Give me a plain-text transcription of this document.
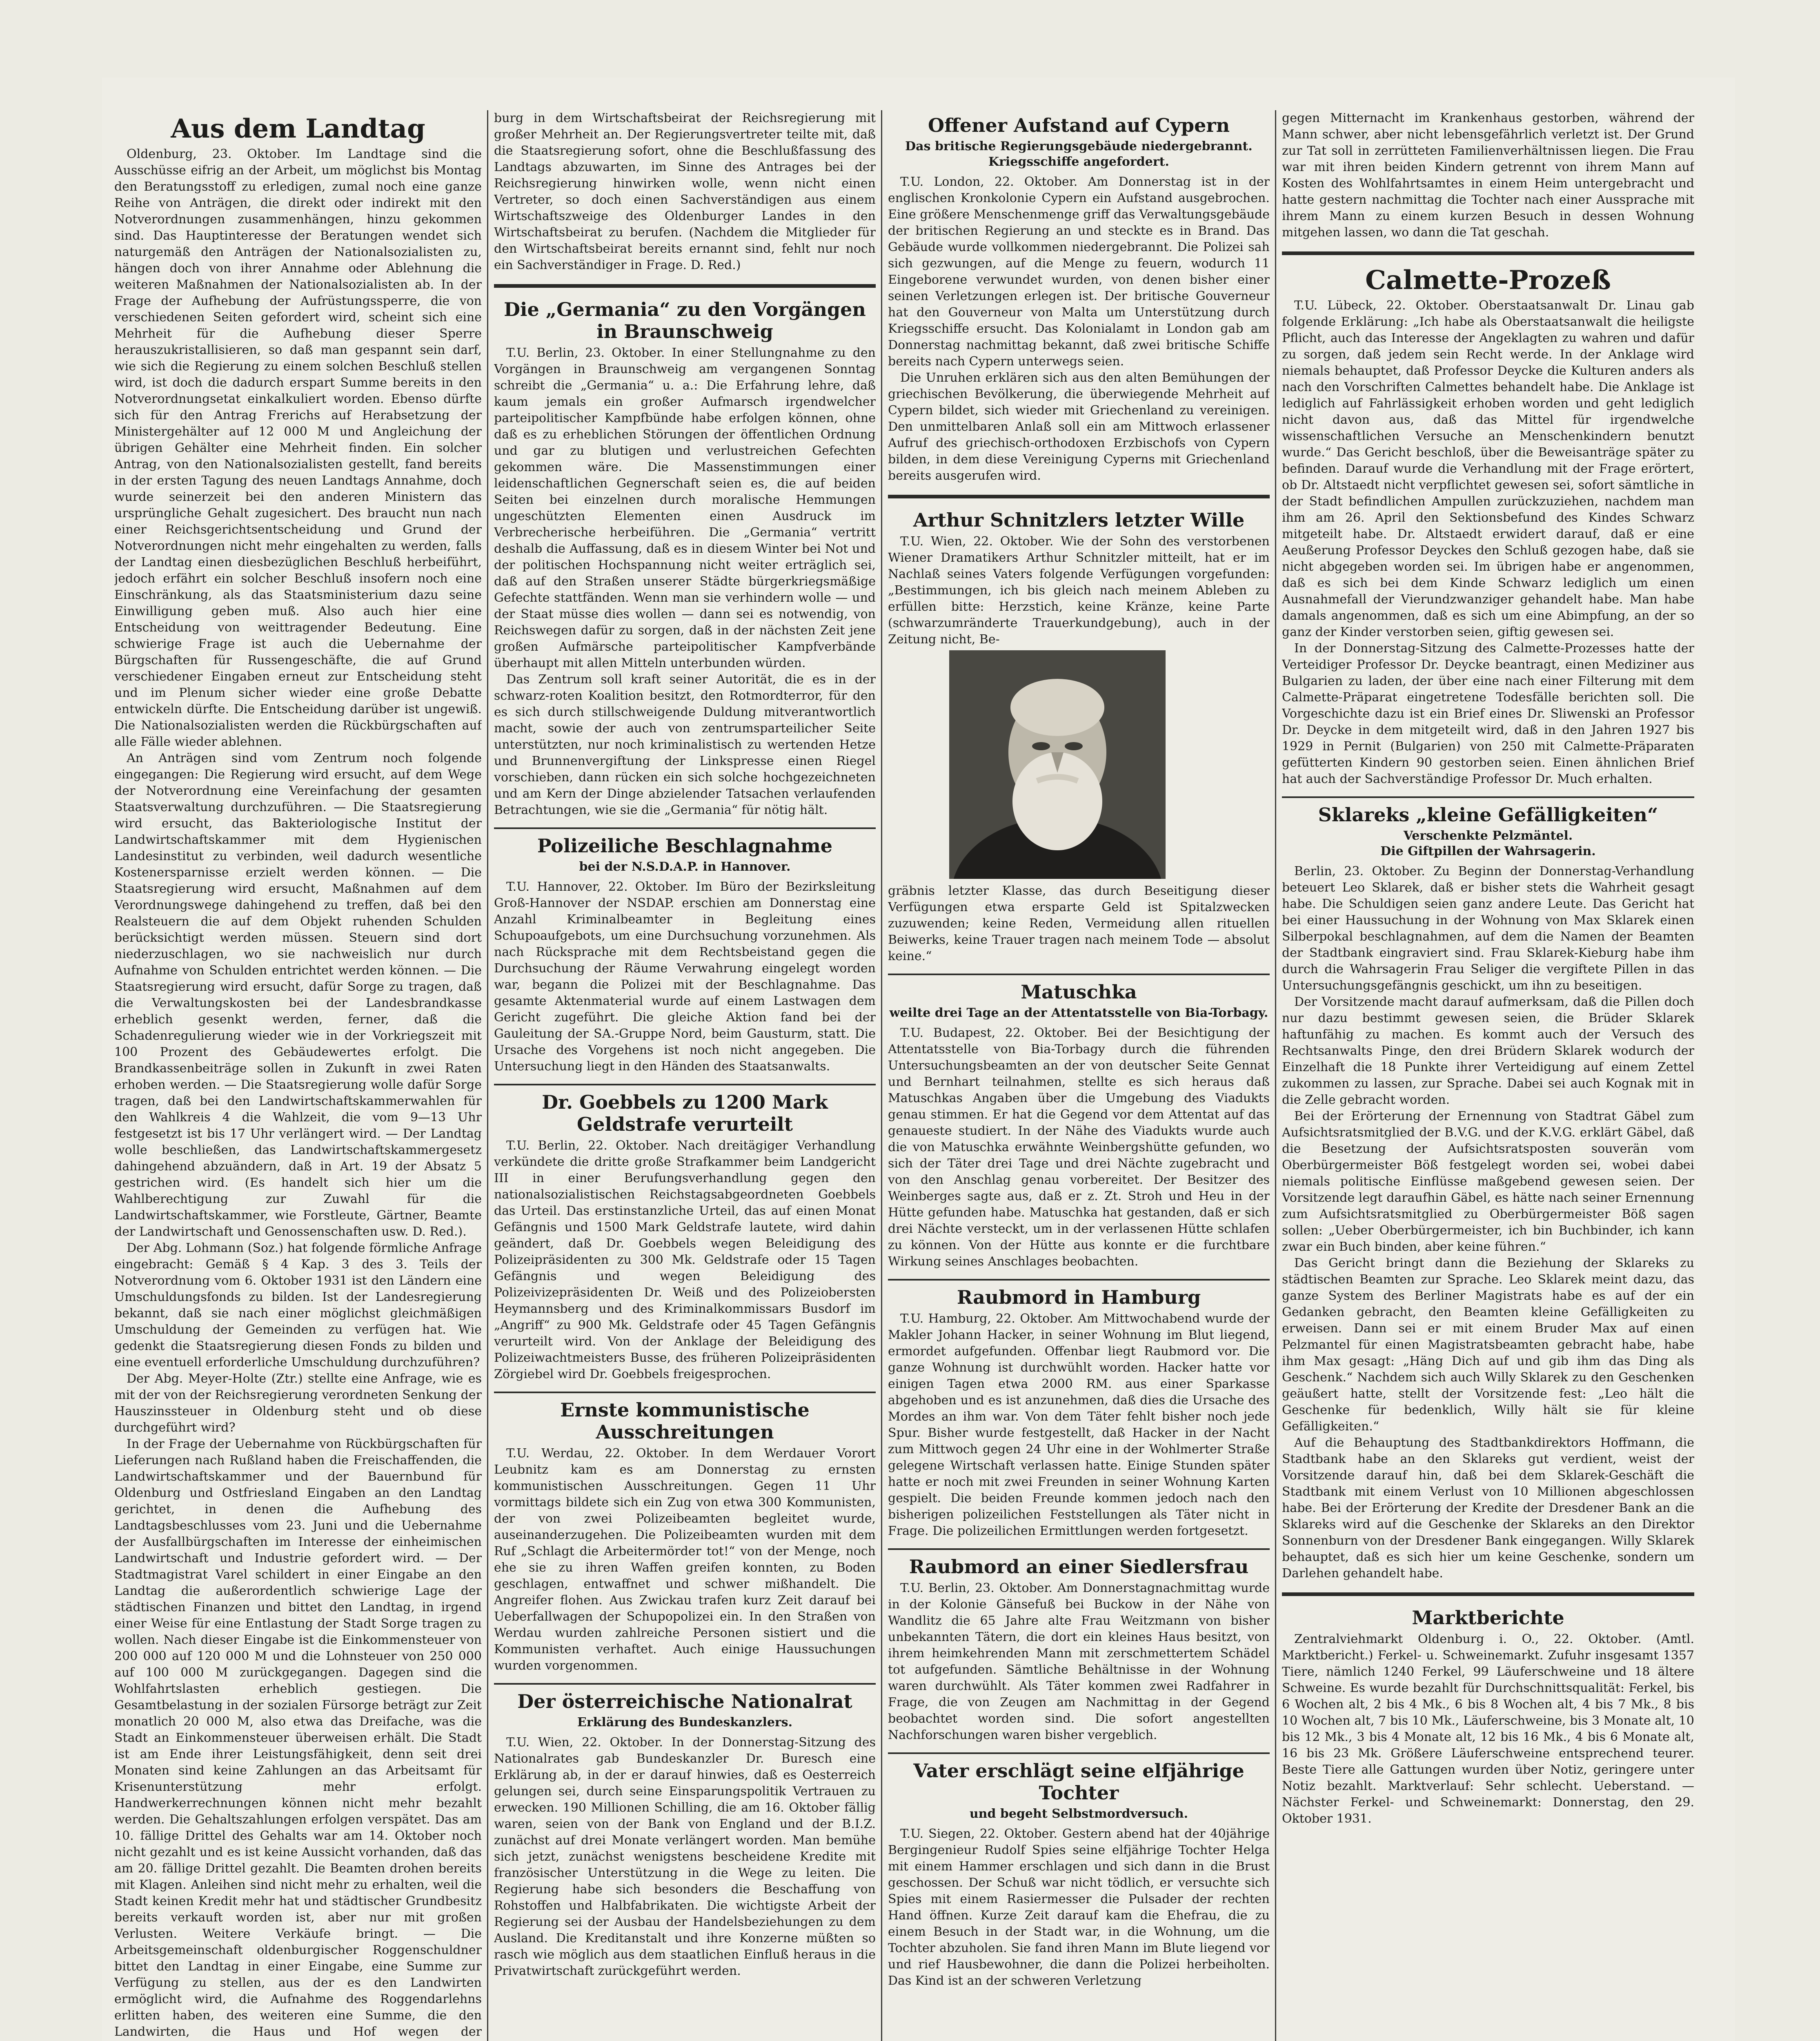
Aus dem Landtag

Oldenburg, 23. Oktober. Im Landtage sind die Ausschüsse eifrig an der Arbeit, um möglichst bis Montag den Beratungsstoff zu erledigen, zumal noch eine ganze Reihe von Anträgen, die direkt oder indirekt mit den Notverordnungen zusammenhängen, hinzu gekommen sind. Das Hauptinteresse der Beratungen wendet sich naturgemäß den Anträgen der Nationalsozialisten zu, hängen doch von ihrer Annahme oder Ablehnung die weiteren Maßnahmen der Nationalsozialisten ab. In der Frage der Aufhebung der Aufrüstungssperre, die von verschiedenen Seiten gefordert wird, scheint sich eine Mehrheit für die Aufhebung dieser Sperre herauszukristallisieren, so daß man gespannt sein darf, wie sich die Regierung zu einem solchen Beschluß stellen wird, ist doch die dadurch erspart Summe bereits in den Notverordnungsetat einkalkuliert worden. Ebenso dürfte sich für den Antrag Frerichs auf Herabsetzung der Ministergehälter auf 12 000 M und Angleichung der übrigen Gehälter eine Mehrheit finden. Ein solcher Antrag, von den Nationalsozialisten gestellt, fand bereits in der ersten Tagung des neuen Landtags Annahme, doch wurde seinerzeit bei den anderen Ministern das ursprüngliche Gehalt zugesichert. Des braucht nun nach einer Reichsgerichtsentscheidung und Grund der Notverordnungen nicht mehr eingehalten zu werden, falls der Landtag einen diesbezüglichen Beschluß herbeiführt, jedoch erfährt ein solcher Beschluß insofern noch eine Einschränkung, als das Staatsministerium dazu seine Einwilligung geben muß. Also auch hier eine Entscheidung von weittragender Bedeutung. Eine schwierige Frage ist auch die Uebernahme der Bürgschaften für Russengeschäfte, die auf Grund verschiedener Eingaben erneut zur Entscheidung steht und im Plenum sicher wieder eine große Debatte entwickeln dürfte. Die Entscheidung darüber ist ungewiß. Die Nationalsozialisten werden die Rückbürgschaften auf alle Fälle wieder ablehnen.

An Anträgen sind vom Zentrum noch folgende eingegangen: Die Regierung wird ersucht, auf dem Wege der Notverordnung eine Vereinfachung der gesamten Staatsverwaltung durchzuführen. — Die Staatsregierung wird ersucht, das Bakteriologische Institut der Landwirtschaftskammer mit dem Hygienischen Landesinstitut zu verbinden, weil dadurch wesentliche Kostenersparnisse erzielt werden können. — Die Staatsregierung wird ersucht, Maßnahmen auf dem Verordnungswege dahingehend zu treffen, daß bei den Realsteuern die auf dem Objekt ruhenden Schulden berücksichtigt werden müssen. Steuern sind dort niederzuschlagen, wo sie nachweislich nur durch Aufnahme von Schulden entrichtet werden können. — Die Staatsregierung wird ersucht, dafür Sorge zu tragen, daß die Verwaltungskosten bei der Landesbrandkasse erheblich gesenkt werden, ferner, daß die Schadenregulierung wieder wie in der Vorkriegszeit mit 100 Prozent des Gebäudewertes erfolgt. Die Brandkassenbeiträge sollen in Zukunft in zwei Raten erhoben werden. — Die Staatsregierung wolle dafür Sorge tragen, daß bei den Landwirtschaftskammerwahlen für den Wahlkreis 4 die Wahlzeit, die vom 9—13 Uhr festgesetzt ist bis 17 Uhr verlängert wird. — Der Landtag wolle beschließen, das Landwirtschaftskammergesetz dahingehend abzuändern, daß in Art. 19 der Absatz 5 gestrichen wird. (Es handelt sich hier um die Wahlberechtigung zur Zuwahl für die Landwirtschaftskammer, wie Forstleute, Gärtner, Beamte der Landwirtschaft und Genossenschaften usw. D. Red.).

Der Abg. Lohmann (Soz.) hat folgende förmliche Anfrage eingebracht: Gemäß § 4 Kap. 3 des 3. Teils der Notverordnung vom 6. Oktober 1931 ist den Ländern eine Umschuldungsfonds zu bilden. Ist der Landesregierung bekannt, daß sie nach einer möglichst gleichmäßigen Umschuldung der Gemeinden zu verfügen hat. Wie gedenkt die Staatsregierung diesen Fonds zu bilden und eine eventuell erforderliche Umschuldung durchzuführen?

Der Abg. Meyer-Holte (Ztr.) stellte eine Anfrage, wie es mit der von der Reichsregierung verordneten Senkung der Hauszinssteuer in Oldenburg steht und ob diese durchgeführt wird?

In der Frage der Uebernahme von Rückbürgschaften für Lieferungen nach Rußland haben die Freischaffenden, die Landwirtschaftskammer und der Bauernbund für Oldenburg und Ostfriesland Eingaben an den Landtag gerichtet, in denen die Aufhebung des Landtagsbeschlusses vom 23. Juni und die Uebernahme der Ausfallbürgschaften im Interesse der einheimischen Landwirtschaft und Industrie gefordert wird. — Der Stadtmagistrat Varel schildert in einer Eingabe an den Landtag die außerordentlich schwierige Lage der städtischen Finanzen und bittet den Landtag, in irgend einer Weise für eine Entlastung der Stadt Sorge tragen zu wollen. Nach dieser Eingabe ist die Einkommensteuer von 200 000 auf 120 000 M und die Lohnsteuer von 250 000 auf 100 000 M zurückgegangen. Dagegen sind die Wohlfahrtslasten erheblich gestiegen. Die Gesamtbelastung in der sozialen Fürsorge beträgt zur Zeit monatlich 20 000 M, also etwa das Dreifache, was die Stadt an Einkommensteuer überweisen erhält. Die Stadt ist am Ende ihrer Leistungsfähigkeit, denn seit drei Monaten sind keine Zahlungen an das Arbeitsamt für Krisenunterstützung mehr erfolgt. Handwerkerrechnungen können nicht mehr bezahlt werden. Die Gehaltszahlungen erfolgen verspätet. Das am 10. fällige Drittel des Gehalts war am 14. Oktober noch nicht gezahlt und es ist keine Aussicht vorhanden, daß das am 20. fällige Drittel gezahlt. Die Beamten drohen bereits mit Klagen. Anleihen sind nicht mehr zu erhalten, weil die Stadt keinen Kredit mehr hat und städtischer Grundbesitz bereits verkauft worden ist, aber nur mit großen Verlusten. Weitere Verkäufe bringt. — Die Arbeitsgemeinschaft oldenburgischer Roggenschuldner bittet den Landtag in einer Eingabe, eine Summe zur Verfügung zu stellen, aus der es den Landwirten ermöglicht wird, die Aufnahme des Roggendarlehns erlitten haben, des weiteren eine Summe, die den Landwirten, die Haus und Hof wegen der

burg in dem Wirtschaftsbeirat der Reichsregierung mit großer Mehrheit an. Der Regierungsvertreter teilte mit, daß die Staatsregierung sofort, ohne die Beschlußfassung des Landtags abzuwarten, im Sinne des Antrages bei der Reichsregierung hinwirken wolle, wenn nicht einen Vertreter, so doch einen Sachverständigen aus einem Wirtschaftszweige des Oldenburger Landes in den Wirtschaftsbeirat zu berufen. (Nachdem die Mitglieder für den Wirtschaftsbeirat bereits ernannt sind, fehlt nur noch ein Sachverständiger in Frage. D. Red.)

Die „Germania“ zu den Vorgängen in Braunschweig

T.U. Berlin, 23. Oktober. In einer Stellungnahme zu den Vorgängen in Braunschweig am vergangenen Sonntag schreibt die „Germania“ u. a.: Die Erfahrung lehre, daß kaum jemals ein großer Aufmarsch irgendwelcher parteipolitischer Kampfbünde habe erfolgen können, ohne daß es zu erheblichen Störungen der öffentlichen Ordnung und gar zu blutigen und verlustreichen Gefechten gekommen wäre. Die Massenstimmungen einer leidenschaftlichen Gegnerschaft seien es, die auf beiden Seiten bei einzelnen durch moralische Hemmungen ungeschützten Elementen einen Ausdruck im Verbrecherische herbeiführen. Die „Germania“ vertritt deshalb die Auffassung, daß es in diesem Winter bei Not und der politischen Hochspannung nicht weiter erträglich sei, daß auf den Straßen unserer Städte bürgerkriegsmäßige Gefechte stattfänden. Wenn man sie verhindern wolle — und der Staat müsse dies wollen — dann sei es notwendig, von Reichswegen dafür zu sorgen, daß in der nächsten Zeit jene großen Aufmärsche parteipolitischer Kampfverbände überhaupt mit allen Mitteln unterbunden würden.

Das Zentrum soll kraft seiner Autorität, die es in der schwarz-roten Koalition besitzt, den Rotmordterror, für den es sich durch stillschweigende Duldung mitverantwortlich macht, sowie der auch von zentrumsparteilicher Seite unterstützten, nur noch kriminalistisch zu wertenden Hetze und Brunnenvergiftung der Linkspresse einen Riegel vorschieben, dann rücken ein sich solche hochgezeichneten und am Kern der Dinge abzielender Tatsachen verlaufenden Betrachtungen, wie sie die „Germania“ für nötig hält.

Polizeiliche Beschlagnahme
bei der N.S.D.A.P. in Hannover.

T.U. Hannover, 22. Oktober. Im Büro der Bezirksleitung Groß-Hannover der NSDAP. erschien am Donnerstag eine Anzahl Kriminalbeamter in Begleitung eines Schupoaufgebots, um eine Durchsuchung vorzunehmen. Als nach Rücksprache mit dem Rechtsbeistand gegen die Durchsuchung der Räume Verwahrung eingelegt worden war, begann die Polizei mit der Beschlagnahme. Das gesamte Aktenmaterial wurde auf einem Lastwagen dem Gericht zugeführt. Die gleiche Aktion fand bei der Gauleitung der SA.-Gruppe Nord, beim Gausturm, statt. Die Ursache des Vorgehens ist noch nicht angegeben. Die Untersuchung liegt in den Händen des Staatsanwalts.

Dr. Goebbels zu 1200 Mark Geldstrafe verurteilt

T.U. Berlin, 22. Oktober. Nach dreitägiger Verhandlung verkündete die dritte große Strafkammer beim Landgericht III in einer Berufungsverhandlung gegen den nationalsozialistischen Reichstagsabgeordneten Goebbels das Urteil. Das erstinstanzliche Urteil, das auf einen Monat Gefängnis und 1500 Mark Geldstrafe lautete, wird dahin geändert, daß Dr. Goebbels wegen Beleidigung des Polizeipräsidenten zu 300 Mk. Geldstrafe oder 15 Tagen Gefängnis und wegen Beleidigung des Polizeivizepräsidenten Dr. Weiß und des Polizeiobersten Heymannsberg und des Kriminalkommissars Busdorf im „Angriff“ zu 900 Mk. Geldstrafe oder 45 Tagen Gefängnis verurteilt wird. Von der Anklage der Beleidigung des Polizeiwachtmeisters Busse, des früheren Polizeipräsidenten Zörgiebel wird Dr. Goebbels freigesprochen.

Ernste kommunistische Ausschreitungen

T.U. Werdau, 22. Oktober. In dem Werdauer Vorort Leubnitz kam es am Donnerstag zu ernsten kommunistischen Ausschreitungen. Gegen 11 Uhr vormittags bildete sich ein Zug von etwa 300 Kommunisten, der von zwei Polizeibeamten begleitet wurde, auseinanderzugehen. Die Polizeibeamten wurden mit dem Ruf „Schlagt die Arbeitermörder tot!“ von der Menge, noch ehe sie zu ihren Waffen greifen konnten, zu Boden geschlagen, entwaffnet und schwer mißhandelt. Die Angreifer flohen. Aus Zwickau trafen kurz Zeit darauf bei Ueberfallwagen der Schupopolizei ein. In den Straßen von Werdau wurden zahlreiche Personen sistiert und die Kommunisten verhaftet. Auch einige Haussuchungen wurden vorgenommen.

Der österreichische Nationalrat
Erklärung des Bundeskanzlers.

T.U. Wien, 22. Oktober. In der Donnerstag-Sitzung des Nationalrates gab Bundeskanzler Dr. Buresch eine Erklärung ab, in der er darauf hinwies, daß es Oesterreich gelungen sei, durch seine Einsparungspolitik Vertrauen zu erwecken. 190 Millionen Schilling, die am 16. Oktober fällig waren, seien von der Bank von England und der B.I.Z. zunächst auf drei Monate verlängert worden. Man bemühe sich jetzt, zunächst wenigstens bescheidene Kredite mit französischer Unterstützung in die Wege zu leiten. Die Regierung habe sich besonders die Beschaffung von Rohstoffen und Halbfabrikaten. Die wichtigste Arbeit der Regierung sei der Ausbau der Handelsbeziehungen zu dem Ausland. Die Kreditanstalt und ihre Konzerne müßten so rasch wie möglich aus dem staatlichen Einfluß heraus in die Privatwirtschaft zurückgeführt werden.

Offener Aufstand auf Cypern
Das britische Regierungsgebäude niedergebrannt.
Kriegsschiffe angefordert.

T.U. London, 22. Oktober. Am Donnerstag ist in der englischen Kronkolonie Cypern ein Aufstand ausgebrochen. Eine größere Menschenmenge griff das Verwaltungsgebäude der britischen Regierung an und steckte es in Brand. Das Gebäude wurde vollkommen niedergebrannt. Die Polizei sah sich gezwungen, auf die Menge zu feuern, wodurch 11 Eingeborene verwundet wurden, von denen bisher einer seinen Verletzungen erlegen ist. Der britische Gouverneur hat den Gouverneur von Malta um Unterstützung durch Kriegsschiffe ersucht. Das Kolonialamt in London gab am Donnerstag nachmittag bekannt, daß zwei britische Schiffe bereits nach Cypern unterwegs seien.

Die Unruhen erklären sich aus den alten Bemühungen der griechischen Bevölkerung, die überwiegende Mehrheit auf Cypern bildet, sich wieder mit Griechenland zu vereinigen. Den unmittelbaren Anlaß soll ein am Mittwoch erlassener Aufruf des griechisch-orthodoxen Erzbischofs von Cypern bilden, in dem diese Vereinigung Cyperns mit Griechenland bereits ausgerufen wird.

Arthur Schnitzlers letzter Wille

T.U. Wien, 22. Oktober. Wie der Sohn des verstorbenen Wiener Dramatikers Arthur Schnitzler mitteilt, hat er im Nachlaß seines Vaters folgende Verfügungen vorgefunden: „Bestimmungen, ich bis gleich nach meinem Ableben zu erfüllen bitte: Herzstich, keine Kränze, keine Parte (schwarzumränderte Trauerkundgebung), auch in der Zeitung nicht, Be-

gräbnis letzter Klasse, das durch Beseitigung dieser Verfügungen etwa ersparte Geld ist Spitalzwecken zuzuwenden; keine Reden, Vermeidung allen rituellen Beiwerks, keine Trauer tragen nach meinem Tode — absolut keine.“

Matuschka
weilte drei Tage an der Attentatsstelle von Bia-Torbagy.

T.U. Budapest, 22. Oktober. Bei der Besichtigung der Attentatsstelle von Bia-Torbagy durch die führenden Untersuchungsbeamten an der von deutscher Seite Gennat und Bernhart teilnahmen, stellte es sich heraus daß Matuschkas Angaben über die Umgebung des Viadukts genau stimmen. Er hat die Gegend vor dem Attentat auf das genaueste studiert. In der Nähe des Viadukts wurde auch die von Matuschka erwähnte Weinbergshütte gefunden, wo sich der Täter drei Tage und drei Nächte zugebracht und von den Anschlag genau vorbereitet. Der Besitzer des Weinberges sagte aus, daß er z. Zt. Stroh und Heu in der Hütte gefunden habe. Matuschka hat gestanden, daß er sich drei Nächte versteckt, um in der verlassenen Hütte schlafen zu können. Von der Hütte aus konnte er die furchtbare Wirkung seines Anschlages beobachten.

Raubmord in Hamburg

T.U. Hamburg, 22. Oktober. Am Mittwochabend wurde der Makler Johann Hacker, in seiner Wohnung im Blut liegend, ermordet aufgefunden. Offenbar liegt Raubmord vor. Die ganze Wohnung ist durchwühlt worden. Hacker hatte vor einigen Tagen etwa 2000 RM. aus einer Sparkasse abgehoben und es ist anzunehmen, daß dies die Ursache des Mordes an ihm war. Von dem Täter fehlt bisher noch jede Spur. Bisher wurde festgestellt, daß Hacker in der Nacht zum Mittwoch gegen 24 Uhr eine in der Wohlmerter Straße gelegene Wirtschaft verlassen hatte. Einige Stunden später hatte er noch mit zwei Freunden in seiner Wohnung Karten gespielt. Die beiden Freunde kommen jedoch nach den bisherigen polizeilichen Feststellungen als Täter nicht in Frage. Die polizeilichen Ermittlungen werden fortgesetzt.

Raubmord an einer Siedlersfrau

T.U. Berlin, 23. Oktober. Am Donnerstagnachmittag wurde in der Kolonie Gänsefuß bei Buckow in der Nähe von Wandlitz die 65 Jahre alte Frau Weitzmann von bisher unbekannten Tätern, die dort ein kleines Haus besitzt, von ihrem heimkehrenden Mann mit zerschmettertem Schädel tot aufgefunden. Sämtliche Behältnisse in der Wohnung waren durchwühlt. Als Täter kommen zwei Radfahrer in Frage, die von Zeugen am Nachmittag in der Gegend beobachtet worden sind. Die sofort angestellten Nachforschungen waren bisher vergeblich.

Vater erschlägt seine elfjährige Tochter
und begeht Selbstmordversuch.

T.U. Siegen, 22. Oktober. Gestern abend hat der 40jährige Bergingenieur Rudolf Spies seine elfjährige Tochter Helga mit einem Hammer erschlagen und sich dann in die Brust geschossen. Der Schuß war nicht tödlich, er versuchte sich Spies mit einem Rasiermesser die Pulsader der rechten Hand öffnen. Kurze Zeit darauf kam die Ehefrau, die zu einem Besuch in der Stadt war, in die Wohnung, um die Tochter abzuholen. Sie fand ihren Mann im Blute liegend vor und rief Hausbewohner, die dann die Polizei herbeiholten. Das Kind ist an der schweren Verletzung

gegen Mitternacht im Krankenhaus gestorben, während der Mann schwer, aber nicht lebensgefährlich verletzt ist. Der Grund zur Tat soll in zerrütteten Familienverhältnissen liegen. Die Frau war mit ihren beiden Kindern getrennt von ihrem Mann auf Kosten des Wohlfahrtsamtes in einem Heim untergebracht und hatte gestern nachmittag die Tochter nach einer Aussprache mit ihrem Mann zu einem kurzen Besuch in dessen Wohnung mitgehen lassen, wo dann die Tat geschah.

Calmette-Prozeß

T.U. Lübeck, 22. Oktober. Oberstaatsanwalt Dr. Linau gab folgende Erklärung: „Ich habe als Oberstaatsanwalt die heiligste Pflicht, auch das Interesse der Angeklagten zu wahren und dafür zu sorgen, daß jedem sein Recht werde. In der Anklage wird niemals behauptet, daß Professor Deycke die Kulturen anders als nach den Vorschriften Calmettes behandelt habe. Die Anklage ist lediglich auf Fahrlässigkeit erhoben worden und geht lediglich nicht davon aus, daß das Mittel für irgendwelche wissenschaftlichen Versuche an Menschenkindern benutzt wurde.“ Das Gericht beschloß, über die Beweisanträge später zu befinden. Darauf wurde die Verhandlung mit der Frage erörtert, ob Dr. Altstaedt nicht verpflichtet gewesen sei, sofort sämtliche in der Stadt befindlichen Ampullen zurückzuziehen, nachdem man ihm am 26. April den Sektionsbefund des Kindes Schwarz mitgeteilt habe. Dr. Altstaedt erwidert darauf, daß er eine Aeußerung Professor Deyckes den Schluß gezogen habe, daß sie nicht abgegeben worden sei. Im übrigen habe er angenommen, daß es sich bei dem Kinde Schwarz lediglich um einen Ausnahmefall der Vierundzwanziger gehandelt habe. Man habe damals angenommen, daß es sich um eine Abimpfung, an der so ganz der Kinder verstorben seien, giftig gewesen sei.

In der Donnerstag-Sitzung des Calmette-Prozesses hatte der Verteidiger Professor Dr. Deycke beantragt, einen Mediziner aus Bulgarien zu laden, der über eine nach einer Filterung mit dem Calmette-Präparat eingetretene Todesfälle berichten soll. Die Vorgeschichte dazu ist ein Brief eines Dr. Sliwenski an Professor Dr. Deycke in dem mitgeteilt wird, daß in den Jahren 1927 bis 1929 in Pernit (Bulgarien) von 250 mit Calmette-Präparaten gefütterten Kindern 90 gestorben seien. Einen ähnlichen Brief hat auch der Sachverständige Professor Dr. Much erhalten.

Sklareks „kleine Gefälligkeiten“
Verschenkte Pelzmäntel.
Die Giftpillen der Wahrsagerin.

Berlin, 23. Oktober. Zu Beginn der Donnerstag-Verhandlung beteuert Leo Sklarek, daß er bisher stets die Wahrheit gesagt habe. Die Schuldigen seien ganz andere Leute. Das Gericht hat bei einer Haussuchung in der Wohnung von Max Sklarek einen Silberpokal beschlagnahmen, auf dem die Namen der Beamten der Stadtbank eingraviert sind. Frau Sklarek-Kieburg habe ihm durch die Wahrsagerin Frau Seliger die vergiftete Pillen in das Untersuchungsgefängnis geschickt, um ihn zu beseitigen.

Der Vorsitzende macht darauf aufmerksam, daß die Pillen doch nur dazu bestimmt gewesen seien, die Brüder Sklarek haftunfähig zu machen. Es kommt auch der Versuch des Rechtsanwalts Pinge, den drei Brüdern Sklarek wodurch der Einzelhaft die 18 Punkte ihrer Verteidigung auf einem Zettel zukommen zu lassen, zur Sprache. Dabei sei auch Kognak mit in die Zelle gebracht worden.

Bei der Erörterung der Ernennung von Stadtrat Gäbel zum Aufsichtsratsmitglied der B.V.G. und der K.V.G. erklärt Gäbel, daß die Besetzung der Aufsichtsratsposten souverän vom Oberbürgermeister Böß festgelegt worden sei, wobei dabei niemals politische Einflüsse maßgebend gewesen seien. Der Vorsitzende legt daraufhin Gäbel, es hätte nach seiner Ernennung zum Aufsichtsratsmitglied zu Oberbürgermeister Böß sagen sollen: „Ueber Oberbürgermeister, ich bin Buchbinder, ich kann zwar ein Buch binden, aber keine führen.“

Das Gericht bringt dann die Beziehung der Sklareks zu städtischen Beamten zur Sprache. Leo Sklarek meint dazu, das ganze System des Berliner Magistrats habe es auf der ein Gedanken gebracht, den Beamten kleine Gefälligkeiten zu erweisen. Dann sei er mit einem Bruder Max auf einen Pelzmantel für einen Magistratsbeamten gebracht habe, habe ihm Max gesagt: „Häng Dich auf und gib ihm das Ding als Geschenk.“ Nachdem sich auch Willy Sklarek zu den Geschenken geäußert hatte, stellt der Vorsitzende fest: „Leo hält die Geschenke für bedenklich, Willy hält sie für kleine Gefälligkeiten.“

Auf die Behauptung des Stadtbankdirektors Hoffmann, die Stadtbank habe an den Sklareks gut verdient, weist der Vorsitzende darauf hin, daß bei dem Sklarek-Geschäft die Stadtbank mit einem Verlust von 10 Millionen abgeschlossen habe. Bei der Erörterung der Kredite der Dresdener Bank an die Sklareks wird auf die Geschenke der Sklareks an den Direktor Sonnenburn von der Dresdener Bank eingegangen. Willy Sklarek behauptet, daß es sich hier um keine Geschenke, sondern um Darlehen gehandelt habe.

Marktberichte

Zentralviehmarkt Oldenburg i. O., 22. Oktober. (Amtl. Marktbericht.) Ferkel- u. Schweinemarkt. Zufuhr insgesamt 1357 Tiere, nämlich 1240 Ferkel, 99 Läuferschweine und 18 ältere Schweine. Es wurde bezahlt für Durchschnittsqualität: Ferkel, bis 6 Wochen alt, 2 bis 4 Mk., 6 bis 8 Wochen alt, 4 bis 7 Mk., 8 bis 10 Wochen alt, 7 bis 10 Mk., Läuferschweine, bis 3 Monate alt, 10 bis 12 Mk., 3 bis 4 Monate alt, 12 bis 16 Mk., 4 bis 6 Monate alt, 16 bis 23 Mk. Größere Läuferschweine entsprechend teurer. Beste Tiere alle Gattungen wurden über Notiz, geringere unter Notiz bezahlt. Marktverlauf: Sehr schlecht. Ueberstand. — Nächster Ferkel- und Schweinemarkt: Donnerstag, den 29. Oktober 1931.
